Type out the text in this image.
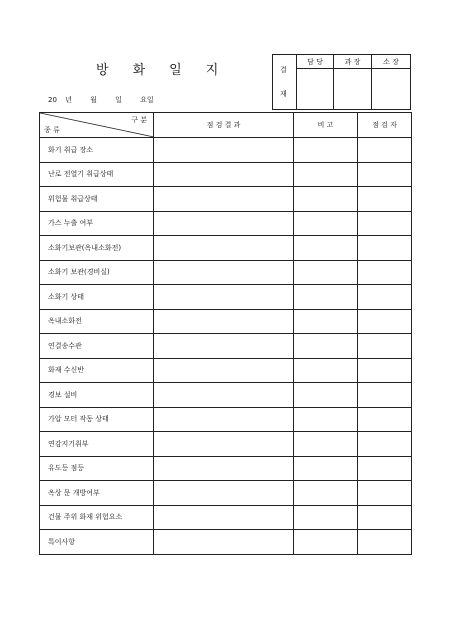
방 화 일 지
20 년	월	일	요일
결
재
담 당	과 장	소 장
구 분
종 류	점 검 결 과	비 고	점 검 자
화기 취급 장소			
난로 전열기 취급상태			
위험물 취급상태			
가스 누출 여부			
소화기보관(옥내소화전)			
소화기 보관(경비실)			
소화기 상태			
옥내소화전			
연결송수관			
화재 수신반			
경보 설비			
가압 모터 작동 상태			
연감지기취부			
유도등 점등			
옥상 문 개방여부			
건물 주위 화재 위험요소			
특이사항			
